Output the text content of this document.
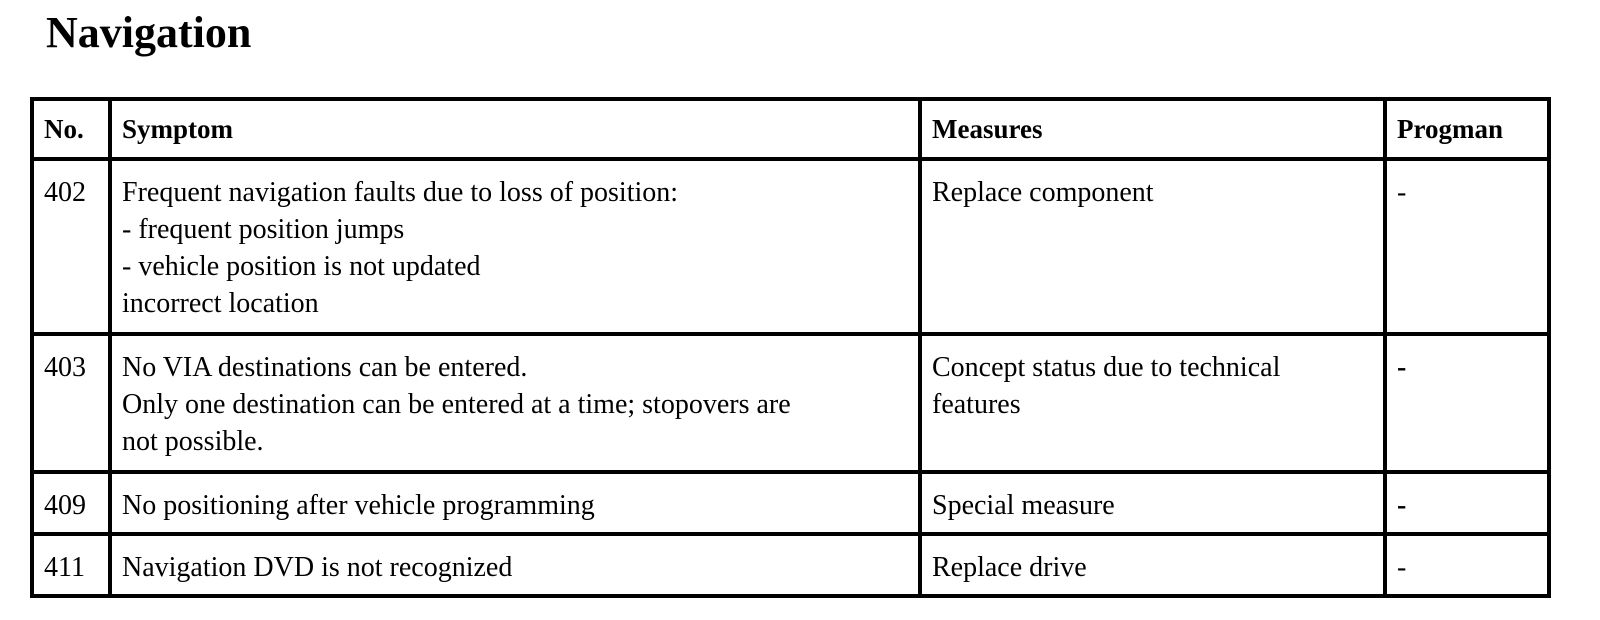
Navigation
No.	Symptom	Measures	Progman
402	Frequent navigation faults due to loss of position:
- frequent position jumps
- vehicle position is not updated
incorrect location	Replace component	-
403	No VIA destinations can be entered.
Only one destination can be entered at a time; stopovers are
not possible.	Concept status due to technical
features	-
409	No positioning after vehicle programming	Special measure	-
411	Navigation DVD is not recognized	Replace drive	-
